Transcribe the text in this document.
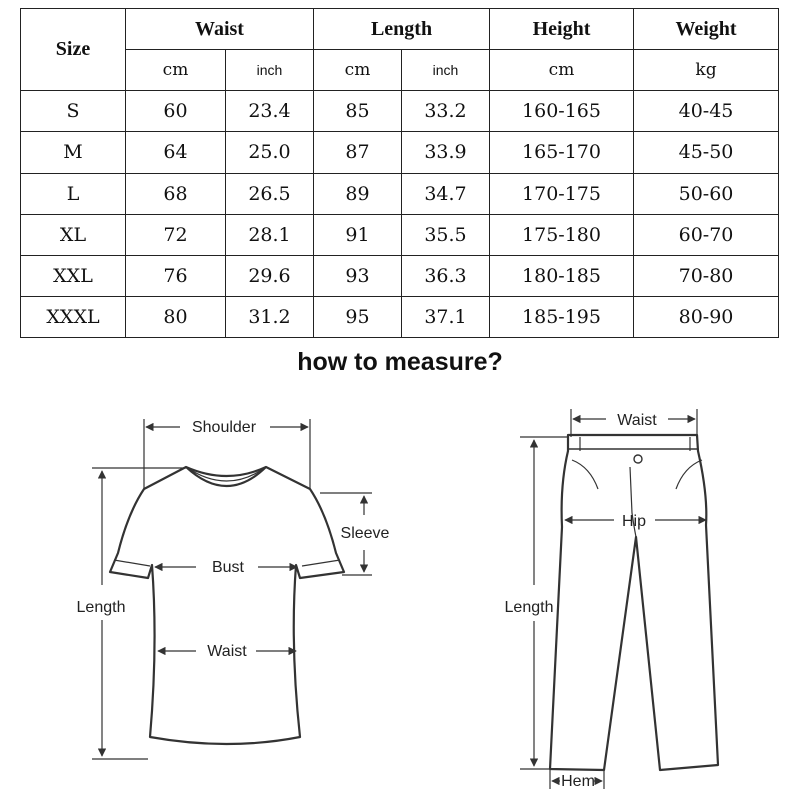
Size	Waist		Length		Height	Weight
	cm	inch	cm	inch	cm	kg
S	60	23.4	85	33.2	160-165	40-45
M	64	25.0	87	33.9	165-170	45-50
L	68	26.5	89	34.7	170-175	50-60
XL	72	28.1	91	35.5	175-180	60-70
XXL	76	29.6	93	36.3	180-185	70-80
XXXL	80	31.2	95	37.1	185-195	80-90
how to measure?
Shoulder
Sleeve
Bust
Length
Waist
Waist
Hip
Length
Hem
